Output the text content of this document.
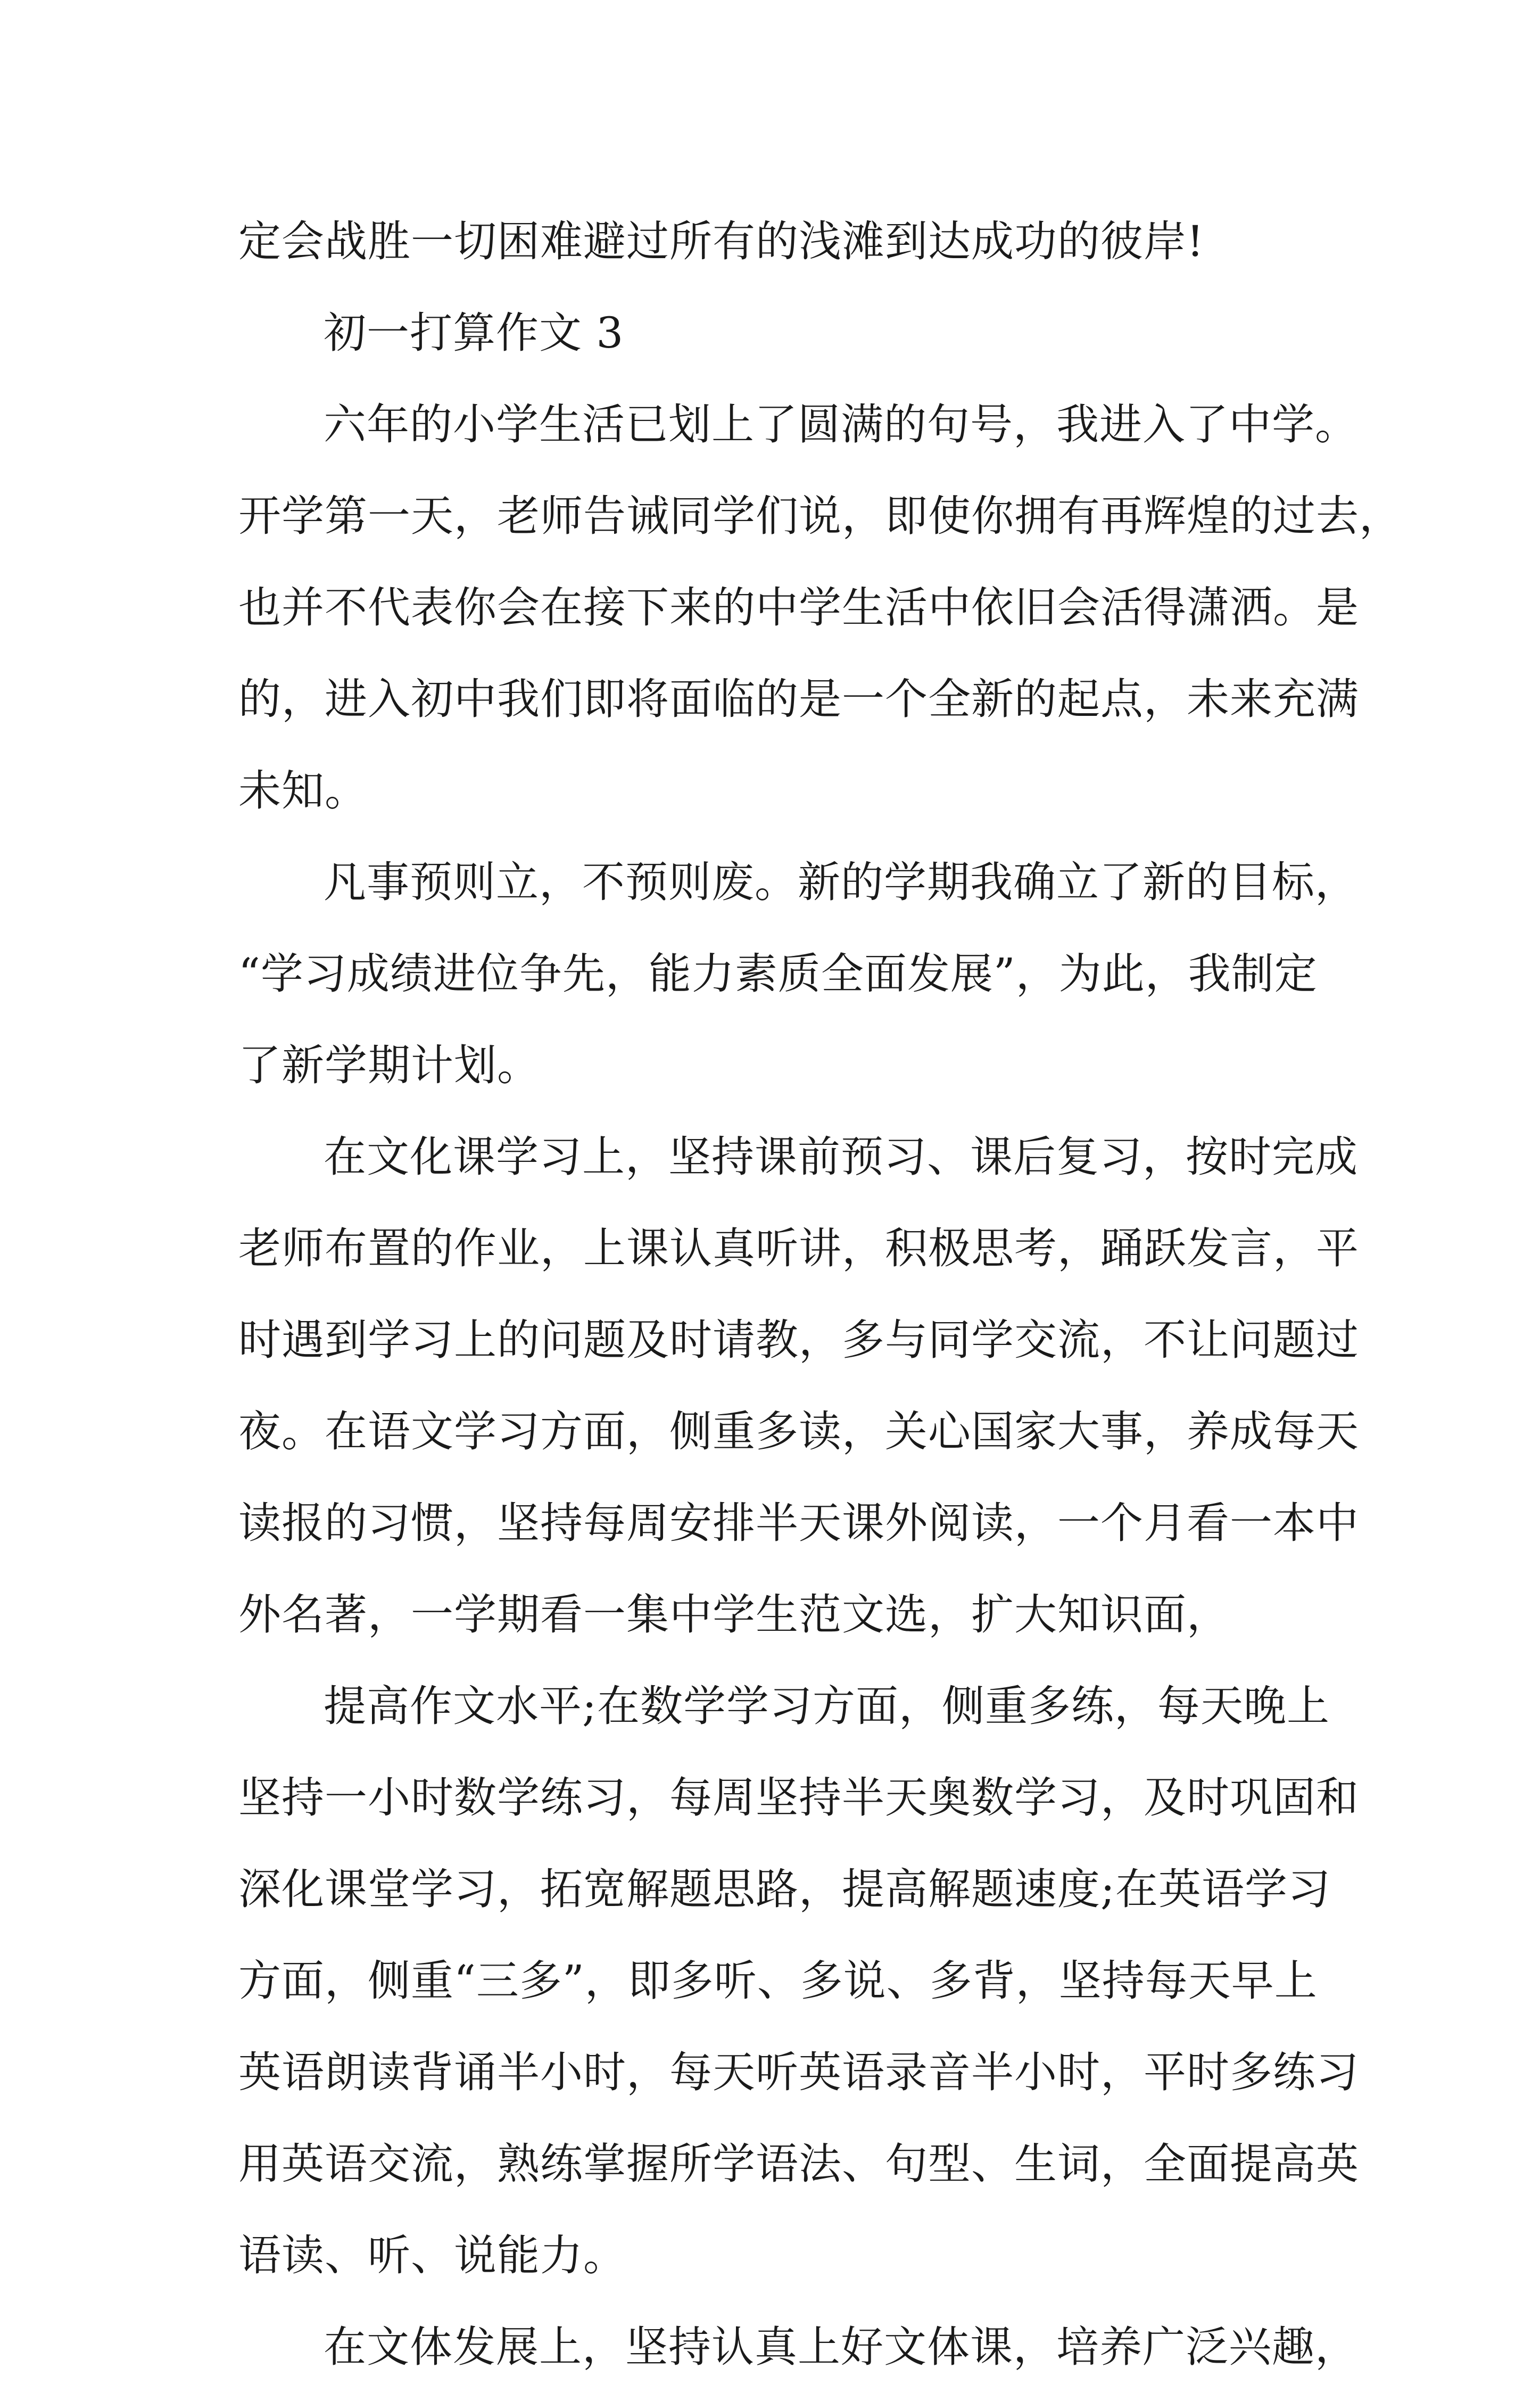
定会战胜一切困难避过所有的浅滩到达成功的彼岸!
初一打算作文 3
六年的小学生活已划上了圆满的句号，我进入了中学。
开学第一天，老师告诫同学们说，即使你拥有再辉煌的过去，
也并不代表你会在接下来的中学生活中依旧会活得潇洒。是
的，进入初中我们即将面临的是一个全新的起点，未来充满
未知。
凡事预则立，不预则废。新的学期我确立了新的目标，
“学习成绩进位争先，能力素质全面发展”，为此，我制定
了新学期计划。
在文化课学习上，坚持课前预习、课后复习，按时完成
老师布置的作业，上课认真听讲，积极思考，踊跃发言，平
时遇到学习上的问题及时请教，多与同学交流，不让问题过
夜。在语文学习方面，侧重多读，关心国家大事，养成每天
读报的习惯，坚持每周安排半天课外阅读，一个月看一本中
外名著，一学期看一集中学生范文选，扩大知识面，
提高作文水平;在数学学习方面，侧重多练，每天晚上
坚持一小时数学练习，每周坚持半天奥数学习，及时巩固和
深化课堂学习，拓宽解题思路，提高解题速度;在英语学习
方面，侧重“三多”，即多听、多说、多背，坚持每天早上
英语朗读背诵半小时，每天听英语录音半小时，平时多练习
用英语交流，熟练掌握所学语法、句型、生词，全面提高英
语读、听、说能力。
在文体发展上，坚持认真上好文体课，培养广泛兴趣，
